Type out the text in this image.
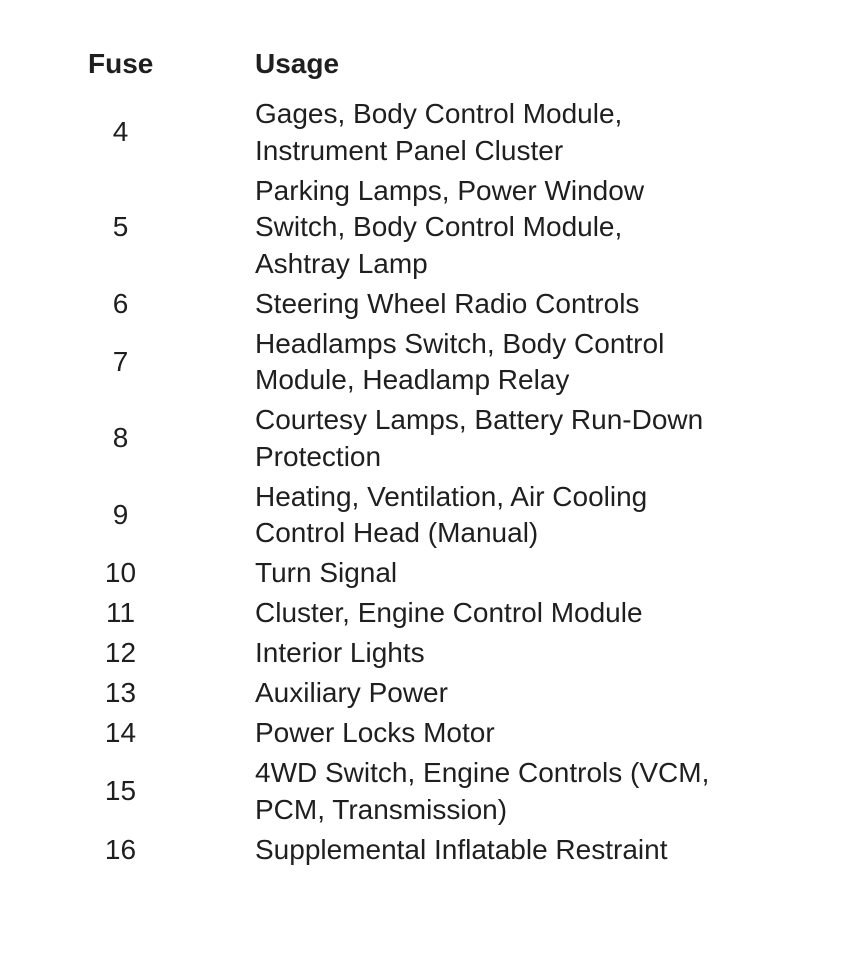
Fuse	Usage
4	Gages, Body Control Module,
Instrument Panel Cluster
5	Parking Lamps, Power Window
Switch, Body Control Module,
Ashtray Lamp
6	Steering Wheel Radio Controls
7	Headlamps Switch, Body Control
Module, Headlamp Relay
8	Courtesy Lamps, Battery Run-Down
Protection
9	Heating, Ventilation, Air Cooling
Control Head (Manual)
10	Turn Signal
11	Cluster, Engine Control Module
12	Interior Lights
13	Auxiliary Power
14	Power Locks Motor
15	4WD Switch, Engine Controls (VCM,
PCM, Transmission)
16	Supplemental Inflatable Restraint
